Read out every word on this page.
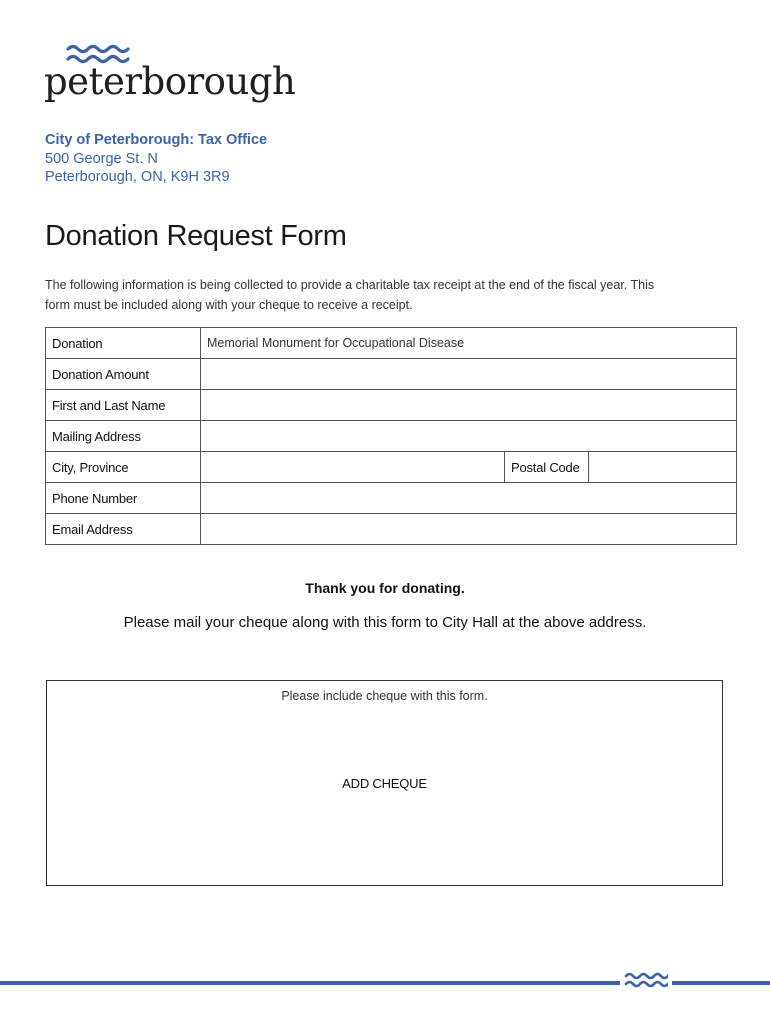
peterborough
City of Peterborough: Tax Office
500 George St. N
Peterborough, ON, K9H 3R9
Donation Request Form
The following information is being collected to provide a charitable tax receipt at the end of the fiscal year. This
form must be included along with your cheque to receive a receipt.
Donation	Memorial Monument for Occupational Disease		
Donation Amount			
First and Last Name			
Mailing Address			
City, Province		Postal Code	
Phone Number			
Email Address			
Thank you for donating.
Please mail your cheque along with this form to City Hall at the above address.
Please include cheque with this form.
ADD CHEQUE
